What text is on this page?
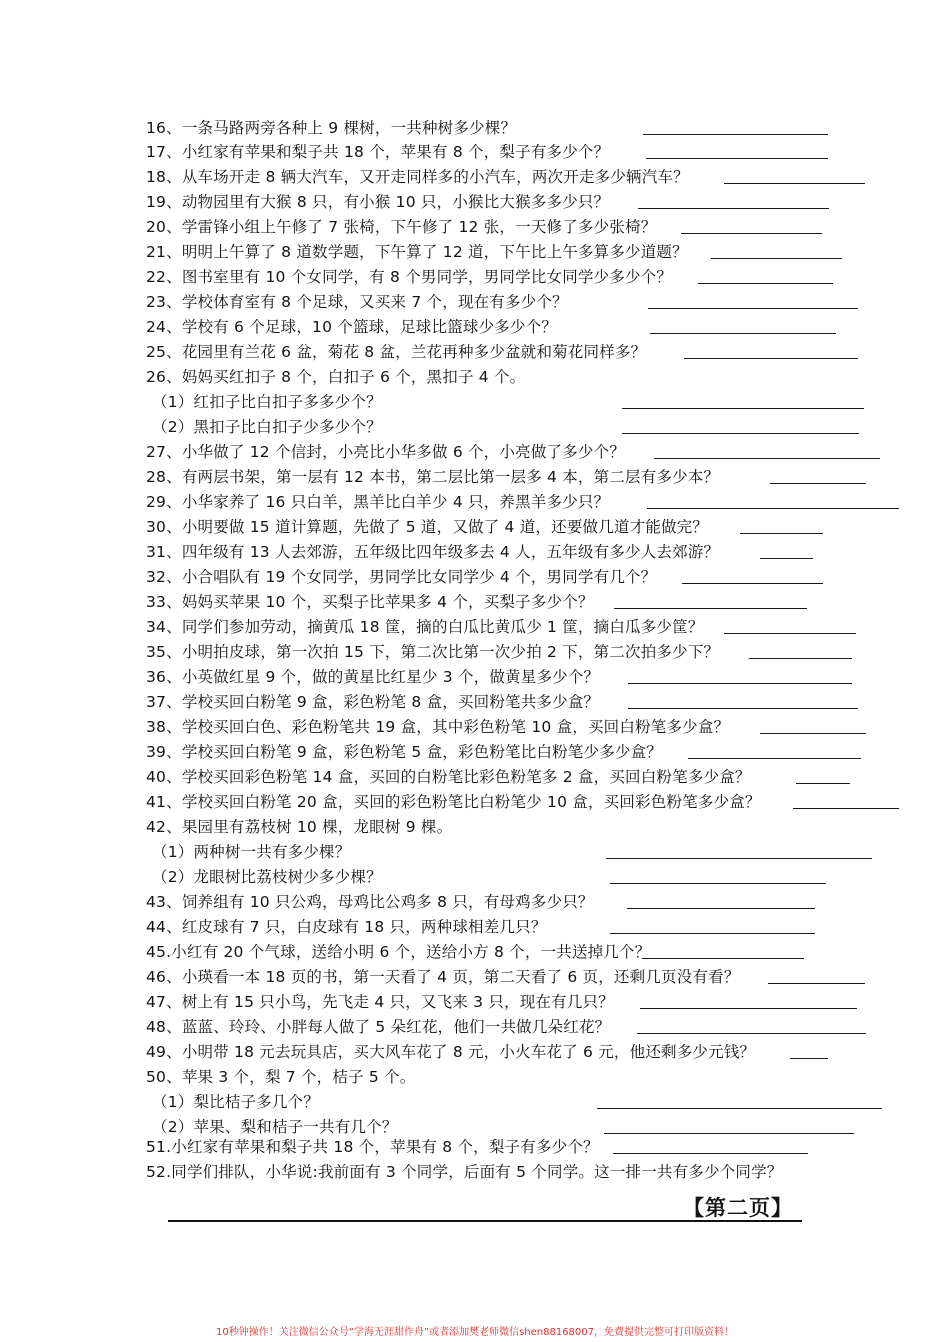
16、一条马路两旁各种上 9 棵树，一共种树多少棵？
17、小红家有苹果和梨子共 18 个，苹果有 8 个，梨子有多少个？
18、从车场开走 8 辆大汽车，又开走同样多的小汽车，两次开走多少辆汽车？
19、动物园里有大猴 8 只，有小猴 10 只，小猴比大猴多多少只？
20、学雷锋小组上午修了 7 张椅，下午修了 12 张，一天修了多少张椅？
21、明明上午算了 8 道数学题，下午算了 12 道，下午比上午多算多少道题？
22、图书室里有 10 个女同学，有 8 个男同学，男同学比女同学少多少个？
23、学校体育室有 8 个足球，又买来 7 个，现在有多少个？
24、学校有 6 个足球，10 个篮球，足球比篮球少多少个？
25、花园里有兰花 6 盆，菊花 8 盆，兰花再种多少盆就和菊花同样多？
26、妈妈买红扣子 8 个，白扣子 6 个，黑扣子 4 个。
（1）红扣子比白扣子多多少个？
（2）黑扣子比白扣子少多少个？
27、小华做了 12 个信封，小亮比小华多做 6 个，小亮做了多少个？
28、有两层书架，第一层有 12 本书，第二层比第一层多 4 本，第二层有多少本？
29、小华家养了 16 只白羊，黑羊比白羊少 4 只，养黑羊多少只？
30、小明要做 15 道计算题，先做了 5 道，又做了 4 道，还要做几道才能做完？
31、四年级有 13 人去郊游，五年级比四年级多去 4 人，五年级有多少人去郊游？
32、小合唱队有 19 个女同学，男同学比女同学少 4 个，男同学有几个？
33、妈妈买苹果 10 个，买梨子比苹果多 4 个，买梨子多少个？
34、同学们参加劳动，摘黄瓜 18 筐，摘的白瓜比黄瓜少 1 筐，摘白瓜多少筐？
35、小明拍皮球，第一次拍 15 下，第二次比第一次少拍 2 下，第二次拍多少下？
36、小英做红星 9 个，做的黄星比红星少 3 个，做黄星多少个？
37、学校买回白粉笔 9 盒，彩色粉笔 8 盒，买回粉笔共多少盒？
38、学校买回白色、彩色粉笔共 19 盒，其中彩色粉笔 10 盒，买回白粉笔多少盒？
39、学校买回白粉笔 9 盒，彩色粉笔 5 盒，彩色粉笔比白粉笔少多少盒？
40、学校买回彩色粉笔 14 盒，买回的白粉笔比彩色粉笔多 2 盒，买回白粉笔多少盒？
41、学校买回白粉笔 20 盒，买回的彩色粉笔比白粉笔少 10 盒，买回彩色粉笔多少盒？
42、果园里有荔枝树 10 棵，龙眼树 9 棵。
（1）两种树一共有多少棵？
（2）龙眼树比荔枝树少多少棵？
43、饲养组有 10 只公鸡，母鸡比公鸡多 8 只，有母鸡多少只？
44、红皮球有 7 只，白皮球有 18 只，两种球相差几只？
45.小红有 20 个气球，送给小明 6 个，送给小方 8 个，一共送掉几个？
46、小瑛看一本 18 页的书，第一天看了 4 页，第二天看了 6 页，还剩几页没有看？
47、树上有 15 只小鸟，先飞走 4 只，又飞来 3 只，现在有几只？
48、蓝蓝、玲玲、小胖每人做了 5 朵红花，他们一共做几朵红花？
49、小明带 18 元去玩具店，买大风车花了 8 元，小火车花了 6 元，他还剩多少元钱？
50、苹果 3 个，梨 7 个，桔子 5 个。
（1）梨比桔子多几个？
（2）苹果、梨和桔子一共有几个？
51.小红家有苹果和梨子共 18 个，苹果有 8 个，梨子有多少个？
52.同学们排队，小华说:我前面有 3 个同学，后面有 5 个同学。这一排一共有多少个同学？
【第二页】
10秒钟操作！关注微信公众号“学海无涯甜作舟”或者添加樊老师微信shen88168007，免费提供完整可打印版资料！
